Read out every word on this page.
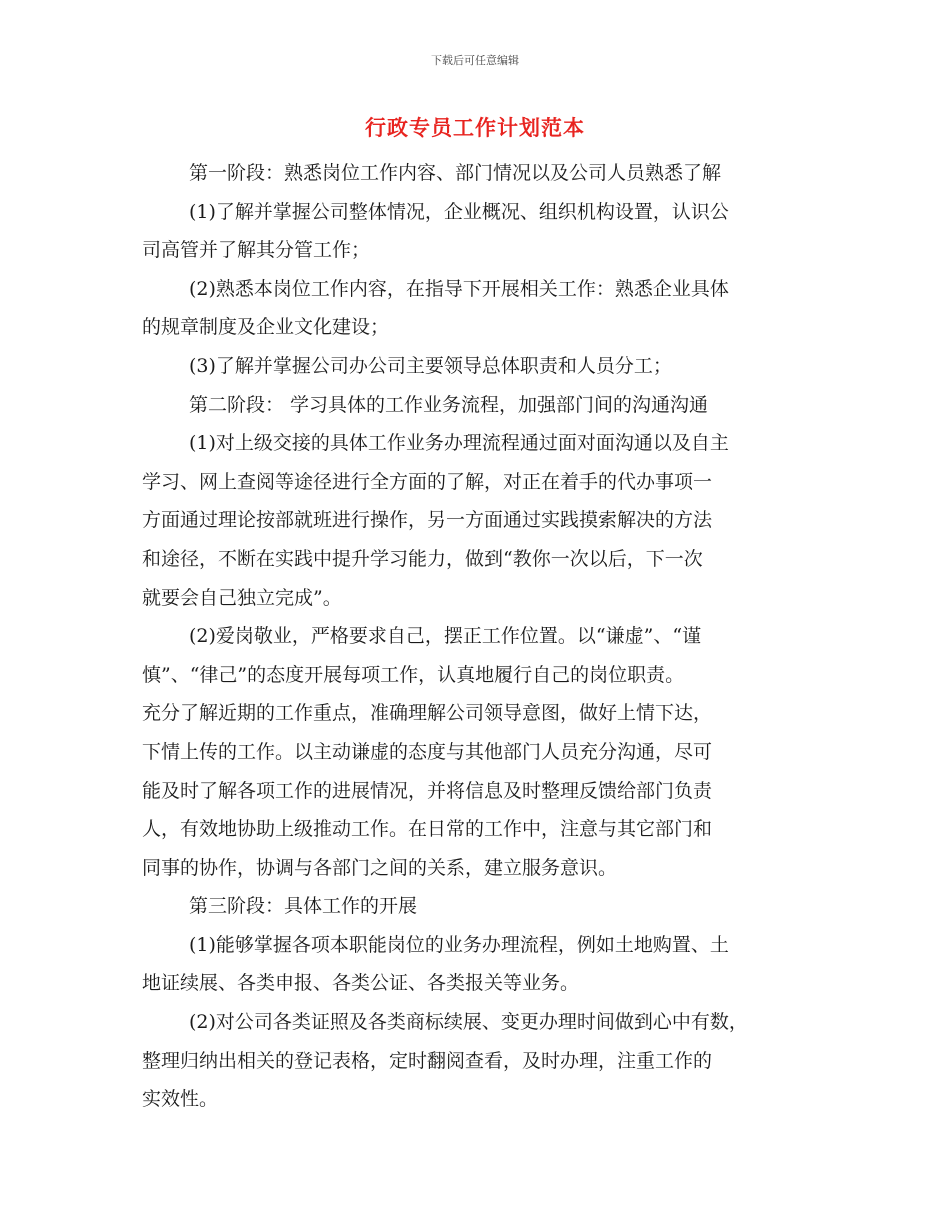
下载后可任意编辑
行政专员工作计划范本
第一阶段：熟悉岗位工作内容、部门情况以及公司人员熟悉了解
(1)了解并掌握公司整体情况，企业概况、组织机构设置，认识公
司高管并了解其分管工作；
(2)熟悉本岗位工作内容，在指导下开展相关工作：熟悉企业具体
的规章制度及企业文化建设；
(3)了解并掌握公司办公司主要领导总体职责和人员分工；
第二阶段： 学习具体的工作业务流程，加强部门间的沟通沟通
(1)对上级交接的具体工作业务办理流程通过面对面沟通以及自主
学习、网上查阅等途径进行全方面的了解，对正在着手的代办事项一
方面通过理论按部就班进行操作，另一方面通过实践摸索解决的方法
和途径，不断在实践中提升学习能力，做到“教你一次以后，下一次
就要会自己独立完成”。
(2)爱岗敬业，严格要求自己，摆正工作位置。以“谦虚”、“谨
慎”、“律己”的态度开展每项工作，认真地履行自己的岗位职责。
充分了解近期的工作重点，准确理解公司领导意图，做好上情下达，
下情上传的工作。以主动谦虚的态度与其他部门人员充分沟通，尽可
能及时了解各项工作的进展情况，并将信息及时整理反馈给部门负责
人，有效地协助上级推动工作。在日常的工作中，注意与其它部门和
同事的协作，协调与各部门之间的关系，建立服务意识。
第三阶段：具体工作的开展
(1)能够掌握各项本职能岗位的业务办理流程，例如土地购置、土
地证续展、各类申报、各类公证、各类报关等业务。
(2)对公司各类证照及各类商标续展、变更办理时间做到心中有数，
整理归纳出相关的登记表格，定时翻阅查看，及时办理，注重工作的
实效性。
